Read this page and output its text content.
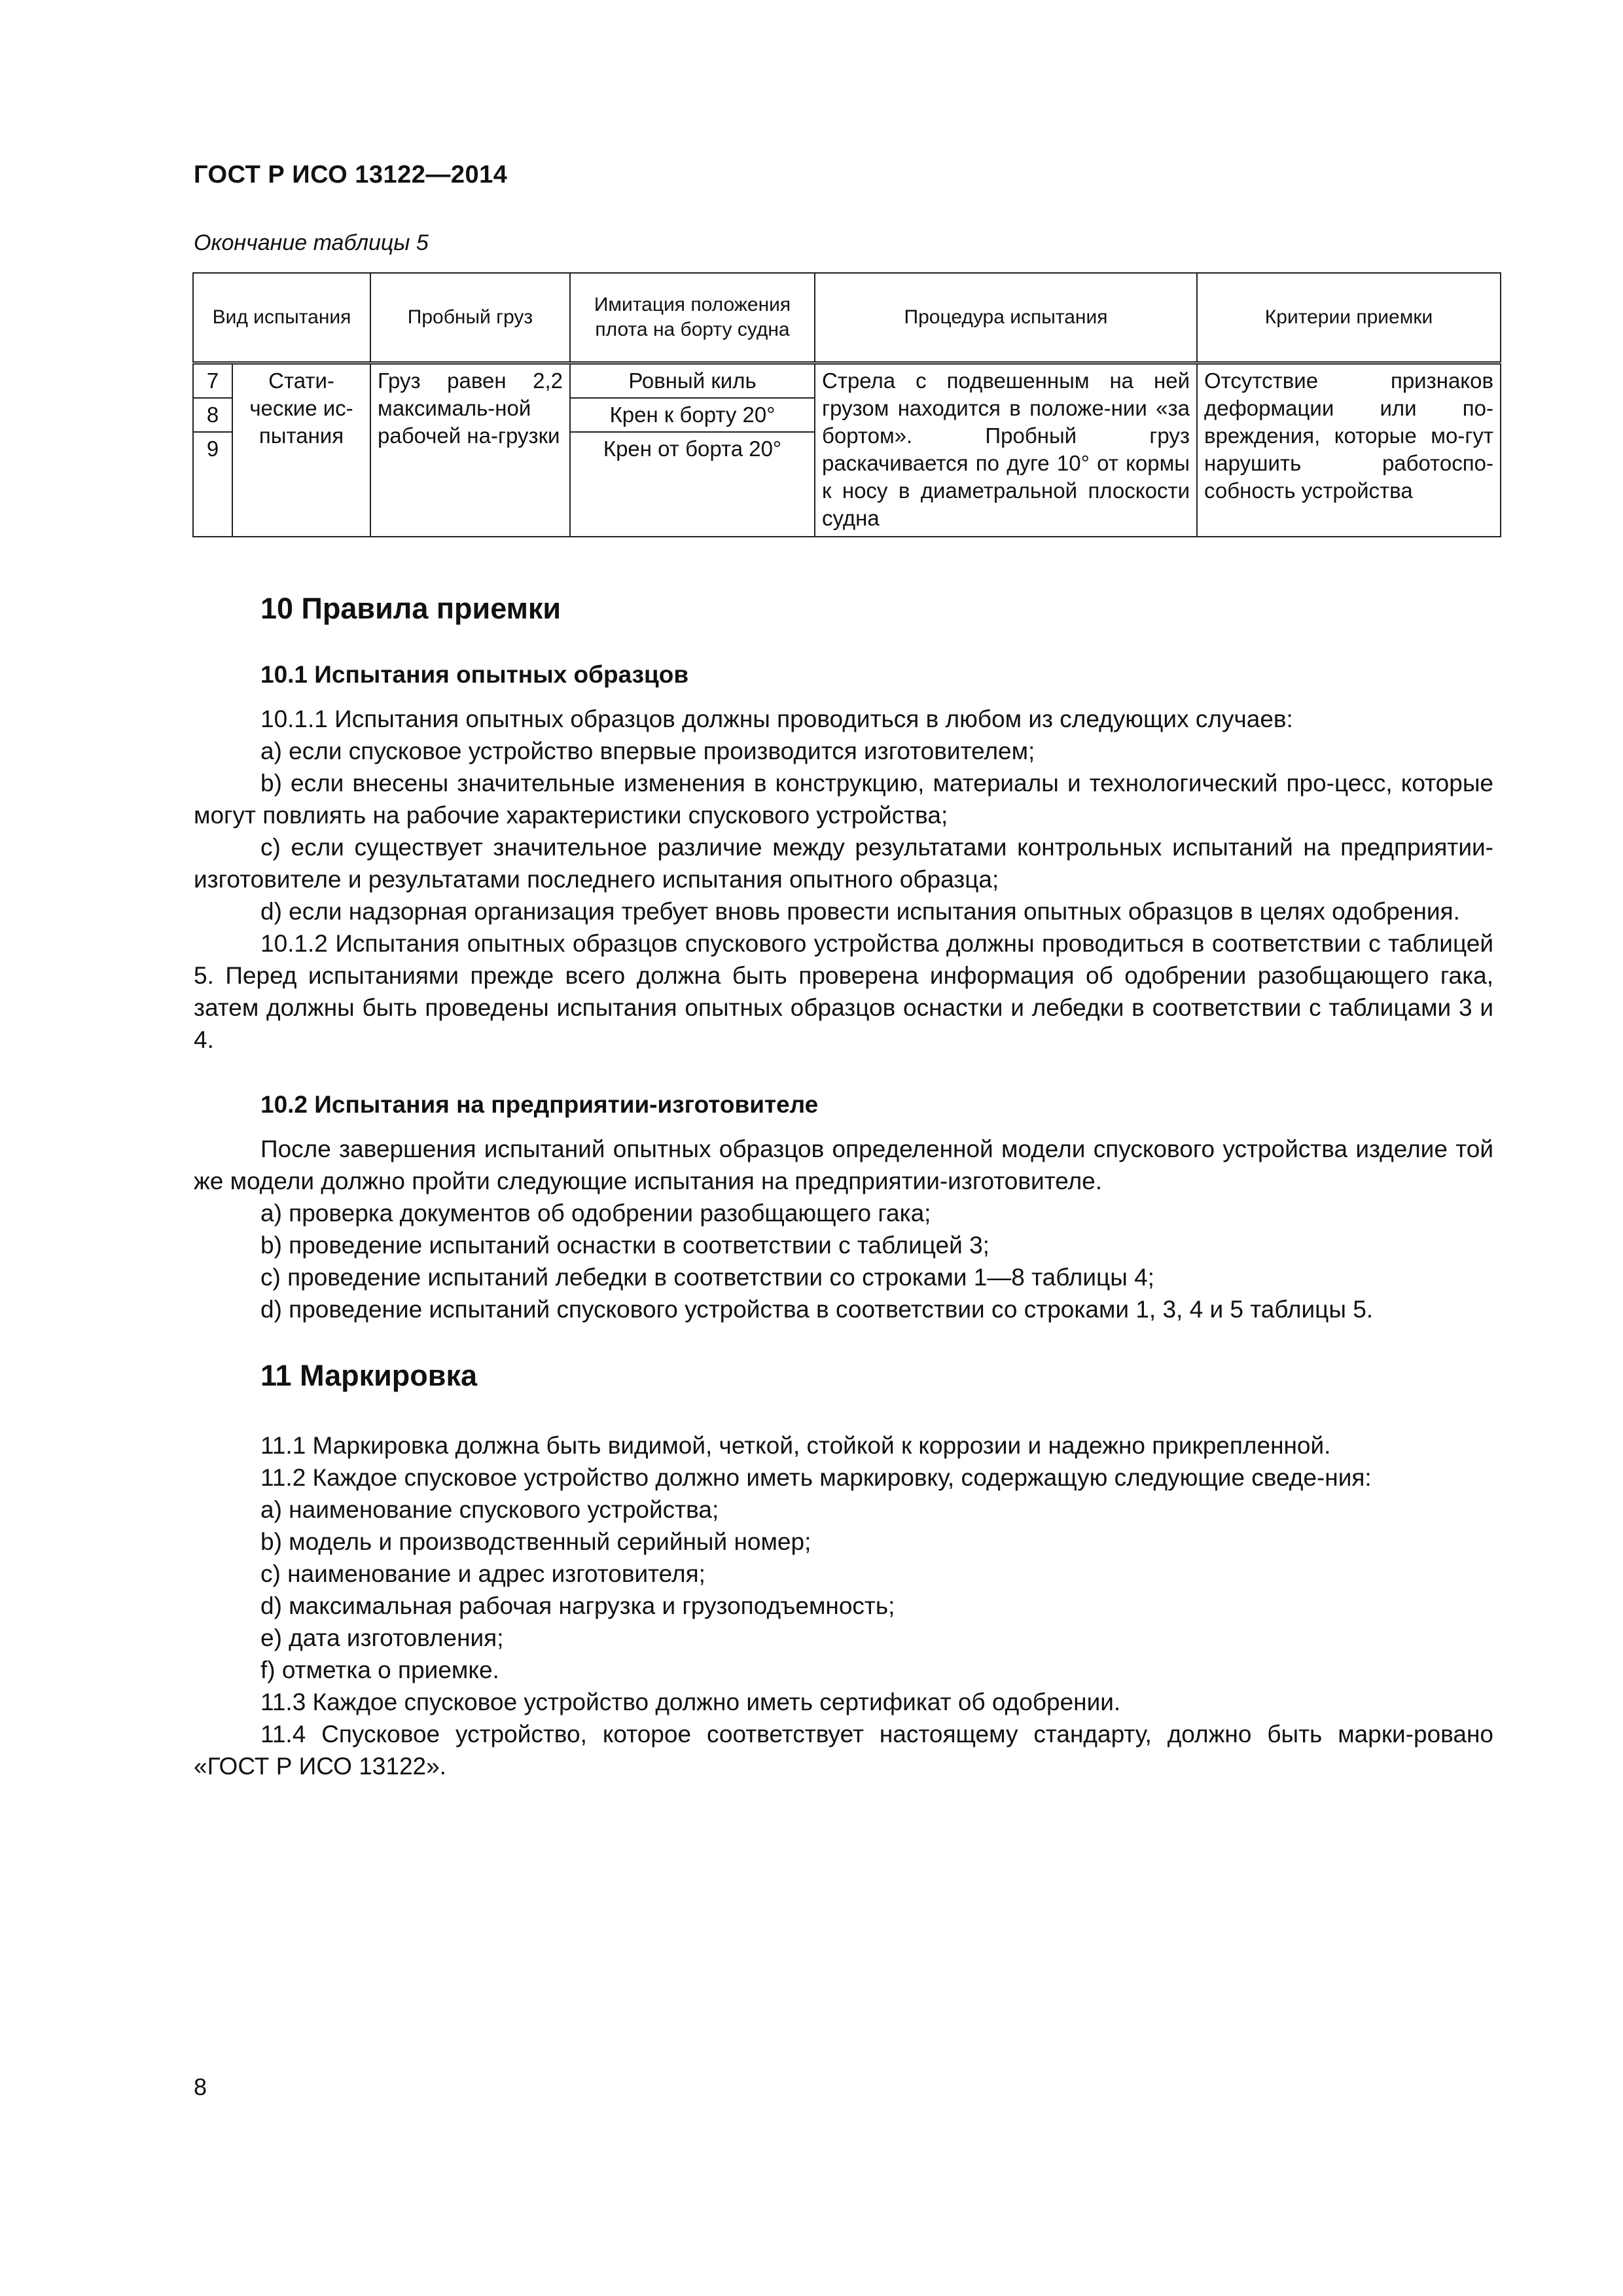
ГОСТ Р ИСО 13122—2014
Окончание таблицы 5
Вид испытания		Пробный груз	Имитация положения плота на борту судна	Процедура испытания	Критерии приемки
7	Стати-ческие ис-пытания	Груз равен 2,2 максималь-ной рабочей на-грузки	Ровный киль	Стрела с подвешенным на ней грузом находится в положе-нии «за бортом». Пробный груз раскачивается по дуге 10° от кормы к носу в диаметральной плоскости судна	Отсутствие признаков деформации или по-вреждения, которые мо-гут нарушить работоспо-собность устройства
8			Крен к борту 20°		
9			Крен от борта 20°		
10 Правила приемки
10.1 Испытания опытных образцов

10.1.1 Испытания опытных образцов должны проводиться в любом из следующих случаев:

a) если спусковое устройство впервые производится изготовителем;

b) если внесены значительные изменения в конструкцию, материалы и технологический про-цесс, которые могут повлиять на рабочие характеристики спускового устройства;

c) если существует значительное различие между результатами контрольных испытаний на предприятии-изготовителе и результатами последнего испытания опытного образца;

d) если надзорная организация требует вновь провести испытания опытных образцов в целях одобрения.

10.1.2 Испытания опытных образцов спускового устройства должны проводиться в соответствии с таблицей 5. Перед испытаниями прежде всего должна быть проверена информация об одобрении разобщающего гака, затем должны быть проведены испытания опытных образцов оснастки и лебедки в соответствии с таблицами 3 и 4.

10.2 Испытания на предприятии-изготовителе

После завершения испытаний опытных образцов определенной модели спускового устройства изделие той же модели должно пройти следующие испытания на предприятии-изготовителе.

a) проверка документов об одобрении разобщающего гака;

b) проведение испытаний оснастки в соответствии с таблицей 3;

c) проведение испытаний лебедки в соответствии со строками 1—8 таблицы 4;

d) проведение испытаний спускового устройства в соответствии со строками 1, 3, 4 и 5 таблицы 5.

11 Маркировка

11.1 Маркировка должна быть видимой, четкой, стойкой к коррозии и надежно прикрепленной.

11.2 Каждое спусковое устройство должно иметь маркировку, содержащую следующие сведе-ния:

a) наименование спускового устройства;

b) модель и производственный серийный номер;

c) наименование и адрес изготовителя;

d) максимальная рабочая нагрузка и грузоподъемность;

e) дата изготовления;

f) отметка о приемке.

11.3 Каждое спусковое устройство должно иметь сертификат об одобрении.

11.4 Спусковое устройство, которое соответствует настоящему стандарту, должно быть марки-ровано «ГОСТ Р ИСО 13122».

8
